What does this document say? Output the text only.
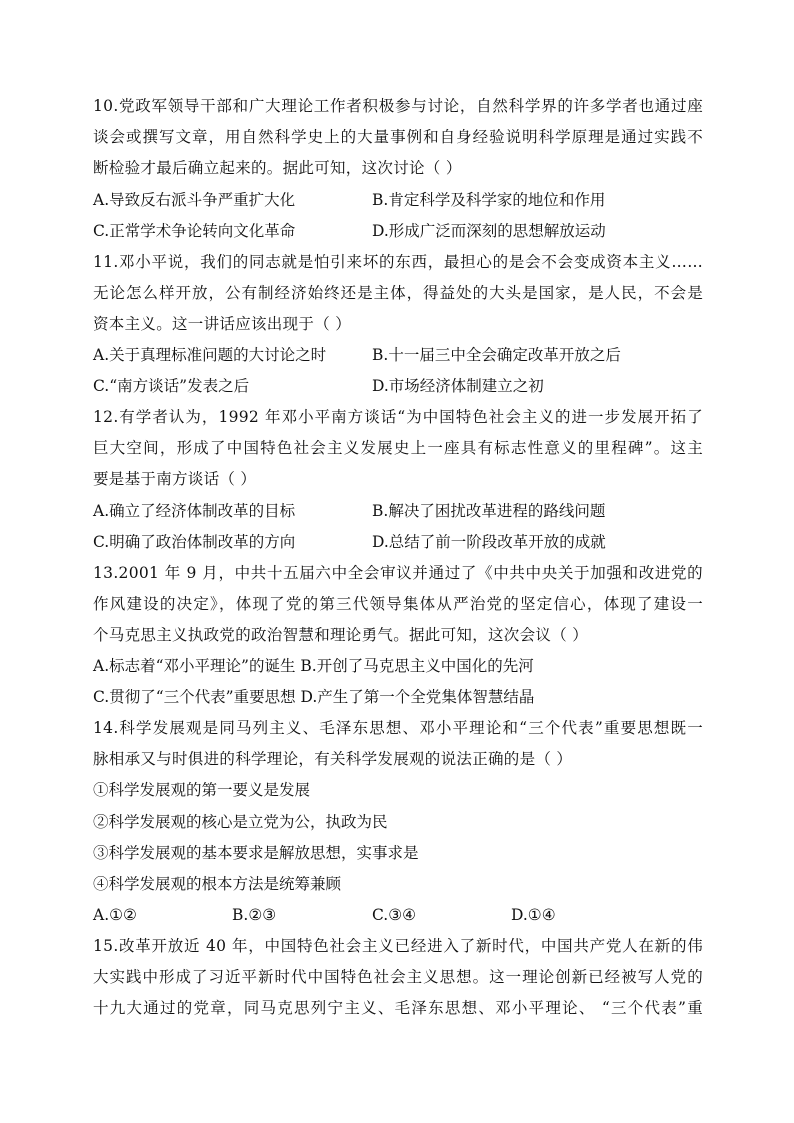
10.党政军领导干部和广大理论工作者积极参与讨论，自然科学界的许多学者也通过座
谈会或撰写文章，用自然科学史上的大量事例和自身经验说明科学原理是通过实践不
断检验才最后确立起来的。据此可知，这次讨论（ ）
A.导致反右派斗争严重扩大化	B.肯定科学及科学家的地位和作用
C.正常学术争论转向文化革命	D.形成广泛而深刻的思想解放运动
11.邓小平说，我们的同志就是怕引来坏的东西，最担心的是会不会变成资本主义……
无论怎么样开放，公有制经济始终还是主体，得益处的大头是国家，是人民，不会是
资本主义。这一讲话应该出现于（ ）
A.关于真理标准问题的大讨论之时	B.十一届三中全会确定改革开放之后
C.“南方谈话”发表之后	D.市场经济体制建立之初
12.有学者认为，1992 年邓小平南方谈话“为中国特色社会主义的进一步发展开拓了
巨大空间，形成了中国特色社会主义发展史上一座具有标志性意义的里程碑”。这主
要是基于南方谈话（ ）
A.确立了经济体制改革的目标	B.解决了困扰改革进程的路线问题
C.明确了政治体制改革的方向	D.总结了前一阶段改革开放的成就
13.2001 年 9 月，中共十五届六中全会审议并通过了《中共中央关于加强和改进党的
作风建设的决定》，体现了党的第三代领导集体从严治党的坚定信心，体现了建设一
个马克思主义执政党的政治智慧和理论勇气。据此可知，这次会议（ ）
A.标志着“邓小平理论”的诞生 B.开创了马克思主义中国化的先河
C.贯彻了“三个代表”重要思想 D.产生了第一个全党集体智慧结晶
14.科学发展观是同马列主义、毛泽东思想、邓小平理论和“三个代表”重要思想既一
脉相承又与时俱进的科学理论，有关科学发展观的说法正确的是（ ）
①科学发展观的第一要义是发展
②科学发展观的核心是立党为公，执政为民
③科学发展观的基本要求是解放思想，实事求是
④科学发展观的根本方法是统筹兼顾
A.①②	B.②③	C.③④	D.①④
15.改革开放近 40 年，中国特色社会主义已经进入了新时代，中国共产党人在新的伟
大实践中形成了习近平新时代中国特色社会主义思想。这一理论创新已经被写人党的
十九大通过的党章，同马克思列宁主义、毛泽东思想、邓小平理论、 “三个代表”重
